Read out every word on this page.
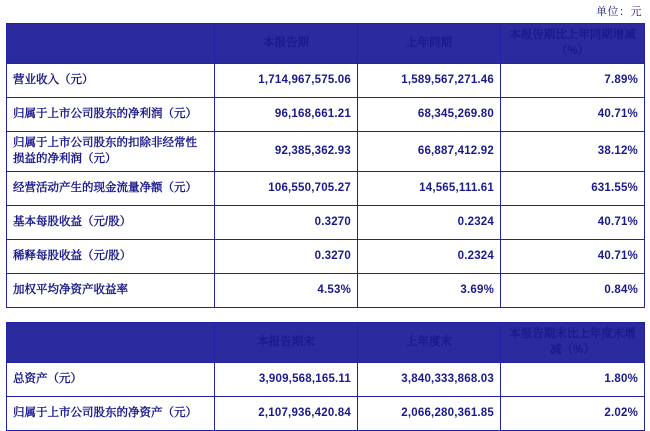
单位：元
	本报告期	上年同期	本报告期比上年同期增减（%）
营业收入（元）	1,714,967,575.06	1,589,567,271.46	7.89%
归属于上市公司股东的净利润（元）	96,168,661.21	68,345,269.80	40.71%
归属于上市公司股东的扣除非经常性损益的净利润（元）	92,385,362.93	66,887,412.92	38.12%
经营活动产生的现金流量净额（元）	106,550,705.27	14,565,111.61	631.55%
基本每股收益（元/股）	0.3270	0.2324	40.71%
稀释每股收益（元/股）	0.3270	0.2324	40.71%
加权平均净资产收益率	4.53%	3.69%	0.84%
	本报告期末	上年度末	本报告期末比上年度末增减（%）
总资产（元）	3,909,568,165.11	3,840,333,868.03	1.80%
归属于上市公司股东的净资产（元）	2,107,936,420.84	2,066,280,361.85	2.02%
